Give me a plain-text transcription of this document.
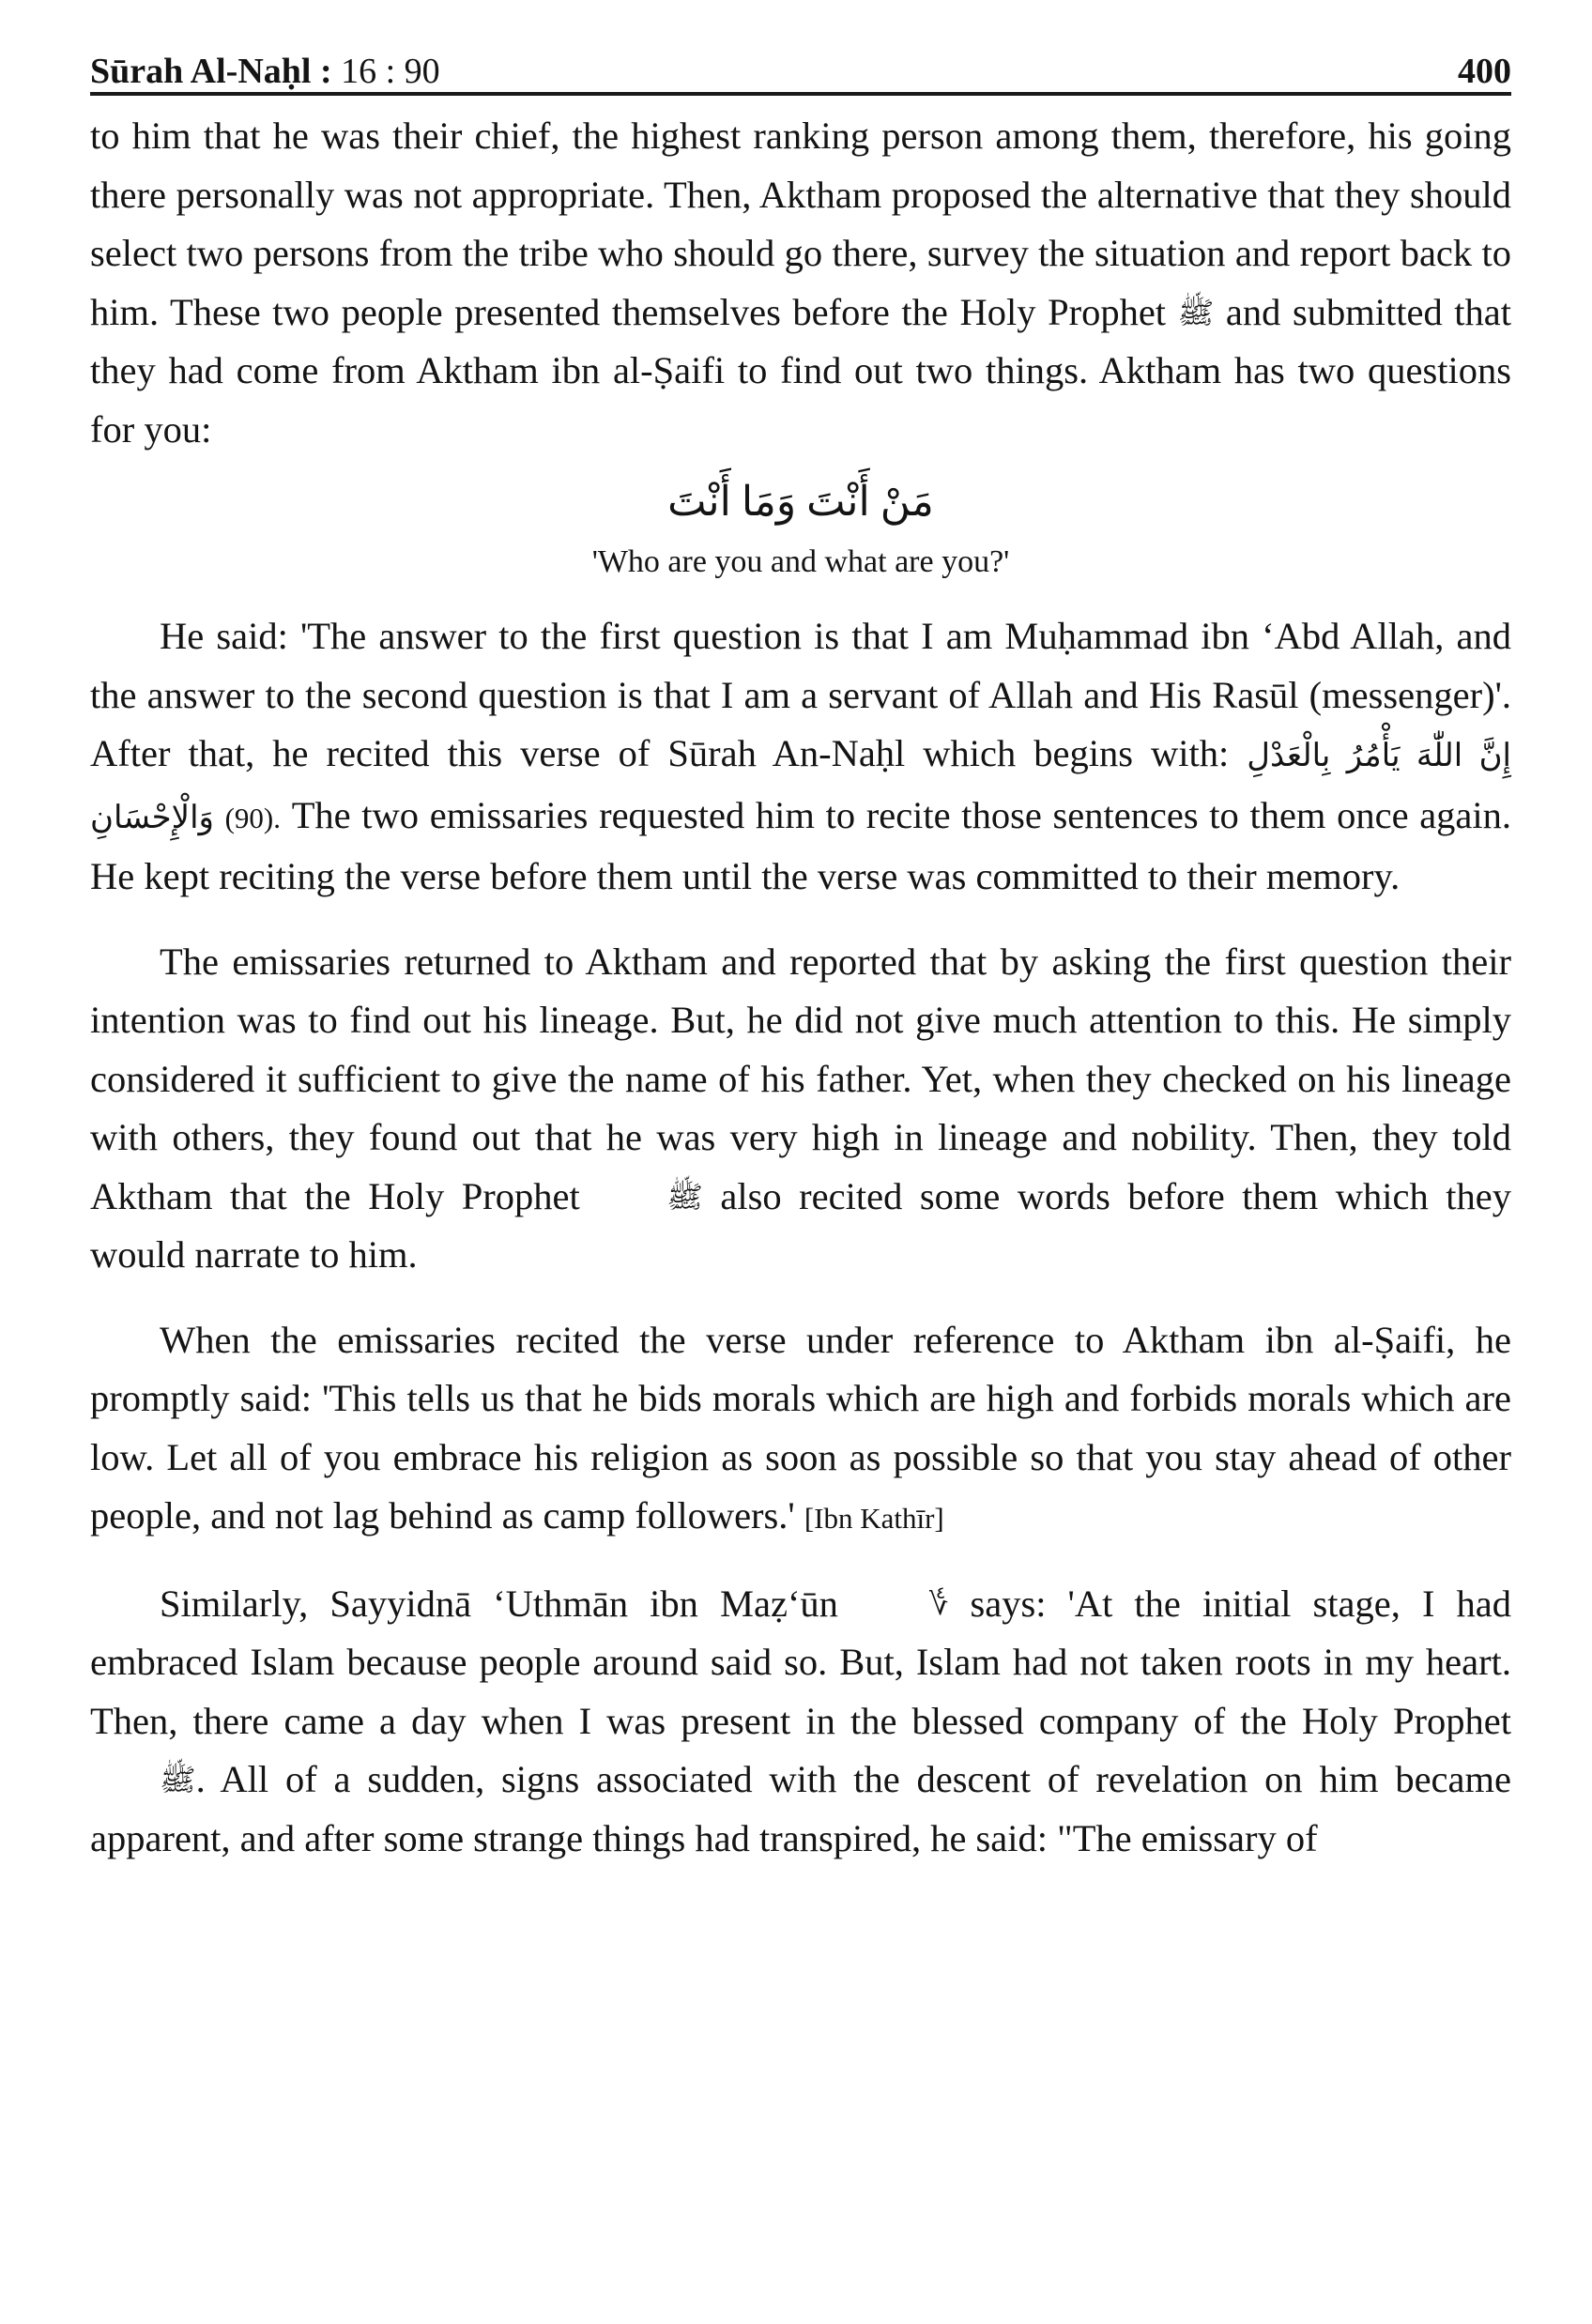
Sūrah Al-Naḥl : 16 : 90	400

to him that he was their chief, the highest ranking person among them, therefore, his going there personally was not appropriate. Then, Aktham proposed the alternative that they should select two persons from the tribe who should go there, survey the situation and report back to him. These two people presented themselves before the Holy Prophet ﷺ and submitted that they had come from Aktham ibn al-Ṣaifi to find out two things. Aktham has two questions for you:

مَنْ أَنْتَ وَمَا أَنْتَ
'Who are you and what are you?'

He said: 'The answer to the first question is that I am Muḥammad ibn ‘Abd Allah, and the answer to the second question is that I am a servant of Allah and His Rasūl (messenger)'. After that, he recited this verse of Sūrah An-Naḥl which begins with: إِنَّ اللّٰهَ يَأْمُرُ بِالْعَدْلِ وَالْإِحْسَانِ (90). The two emissaries requested him to recite those sentences to them once again. He kept reciting the verse before them until the verse was committed to their memory.

The emissaries returned to Aktham and reported that by asking the first question their intention was to find out his lineage. But, he did not give much attention to this. He simply considered it sufficient to give the name of his father. Yet, when they checked on his lineage with others, they found out that he was very high in lineage and nobility. Then, they told Aktham that the Holy Prophet	ﷺ also recited some words before them which they would narrate to him.

When the emissaries recited the verse under reference to Aktham ibn al-Ṣaifi, he promptly said: 'This tells us that he bids morals which are high and forbids morals which are low. Let all of you embrace his religion as soon as possible so that you stay ahead of other people, and not lag behind as camp followers.' [Ibn Kathīr]

Similarly, Sayyidnā ‘Uthmān ibn Maẓ‘ūn	؇ says: 'At the initial stage, I had embraced Islam because people around said so. But, Islam had not taken roots in my heart. Then, there came a day when I was present in the blessed company of the Holy Prophet ﷺ. All of a sudden, signs associated with the descent of revelation on him became apparent, and after some strange things had transpired, he said: "The emissary of
